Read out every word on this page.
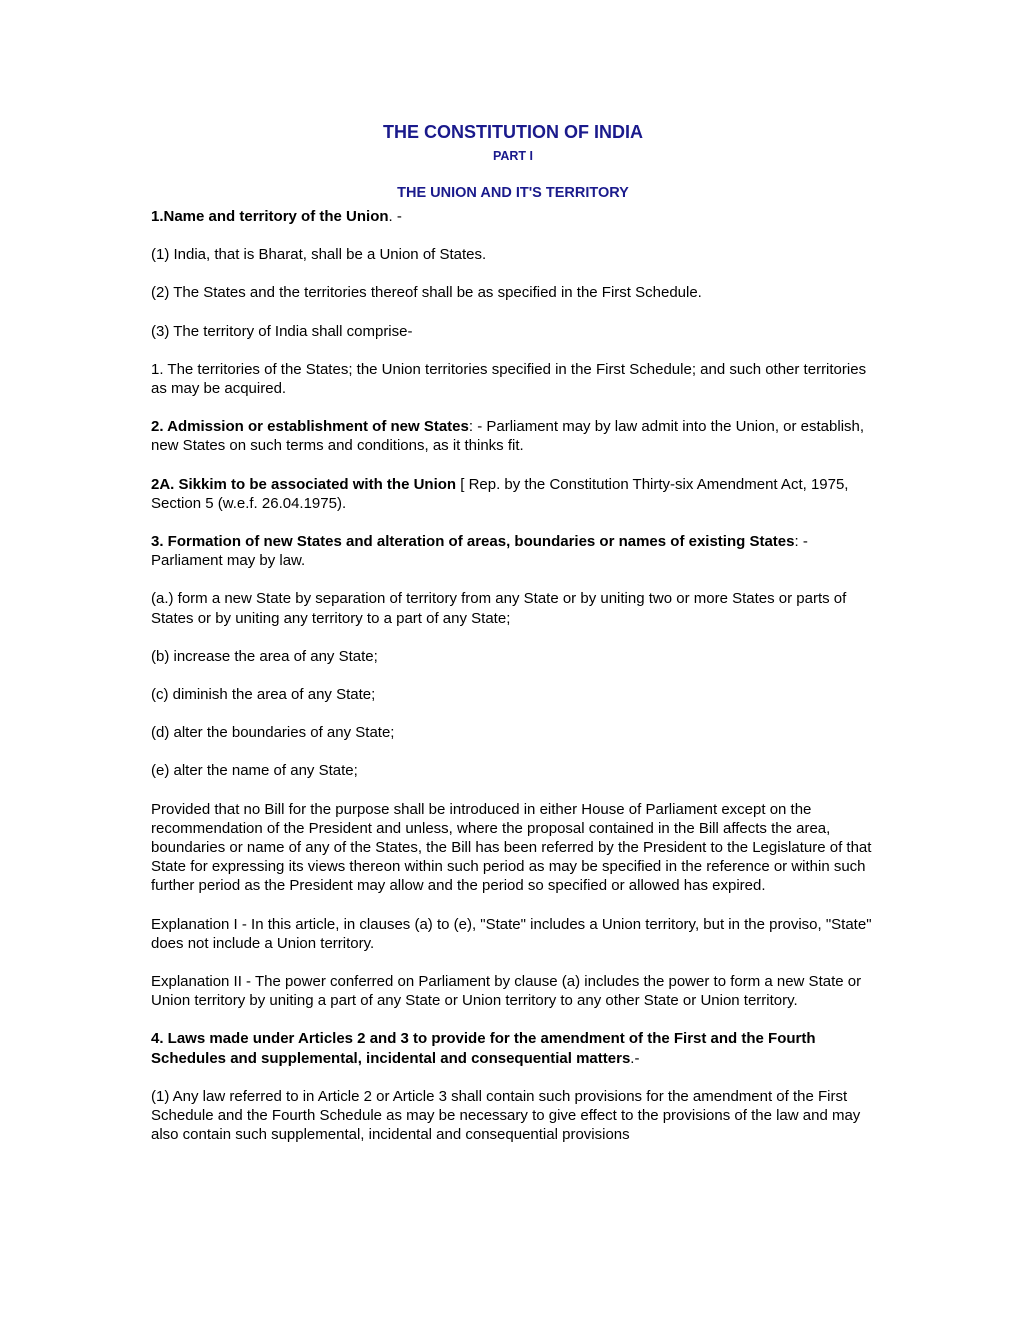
THE CONSTITUTION OF INDIA
PART I
THE UNION AND IT'S TERRITORY

1.Name and territory of the Union. -

(1) India, that is Bharat, shall be a Union of States.

(2) The States and the territories thereof shall be as specified in the First Schedule.

(3) The territory of India shall comprise-

1. The territories of the States; the Union territories specified in the First Schedule; and such other territories as may be acquired.

2. Admission or establishment of new States: - Parliament may by law admit into the Union, or establish, new States on such terms and conditions, as it thinks fit.

2A. Sikkim to be associated with the Union [ Rep. by the Constitution Thirty-six Amendment Act, 1975, Section 5 (w.e.f. 26.04.1975).

3. Formation of new States and alteration of areas, boundaries or names of existing States: - Parliament may by law.

(a.) form a new State by separation of territory from any State or by uniting two or more States or parts of States or by uniting any territory to a part of any State;

(b) increase the area of any State;

(c) diminish the area of any State;

(d) alter the boundaries of any State;

(e) alter the name of any State;

Provided that no Bill for the purpose shall be introduced in either House of Parliament except on the recommendation of the President and unless, where the proposal contained in the Bill affects the area, boundaries or name of any of the States, the Bill has been referred by the President to the Legislature of that State for expressing its views thereon within such period as may be specified in the reference or within such further period as the President may allow and the period so specified or allowed has expired.

Explanation I - In this article, in clauses (a) to (e), "State" includes a Union territory, but in the proviso, "State" does not include a Union territory.

Explanation II - The power conferred on Parliament by clause (a) includes the power to form a new State or Union territory by uniting a part of any State or Union territory to any other State or Union territory.

4. Laws made under Articles 2 and 3 to provide for the amendment of the First and the Fourth Schedules and supplemental, incidental and consequential matters.-

(1) Any law referred to in Article 2 or Article 3 shall contain such provisions for the amendment of the First Schedule and the Fourth Schedule as may be necessary to give effect to the provisions of the law and may also contain such supplemental, incidental and consequential provisions
